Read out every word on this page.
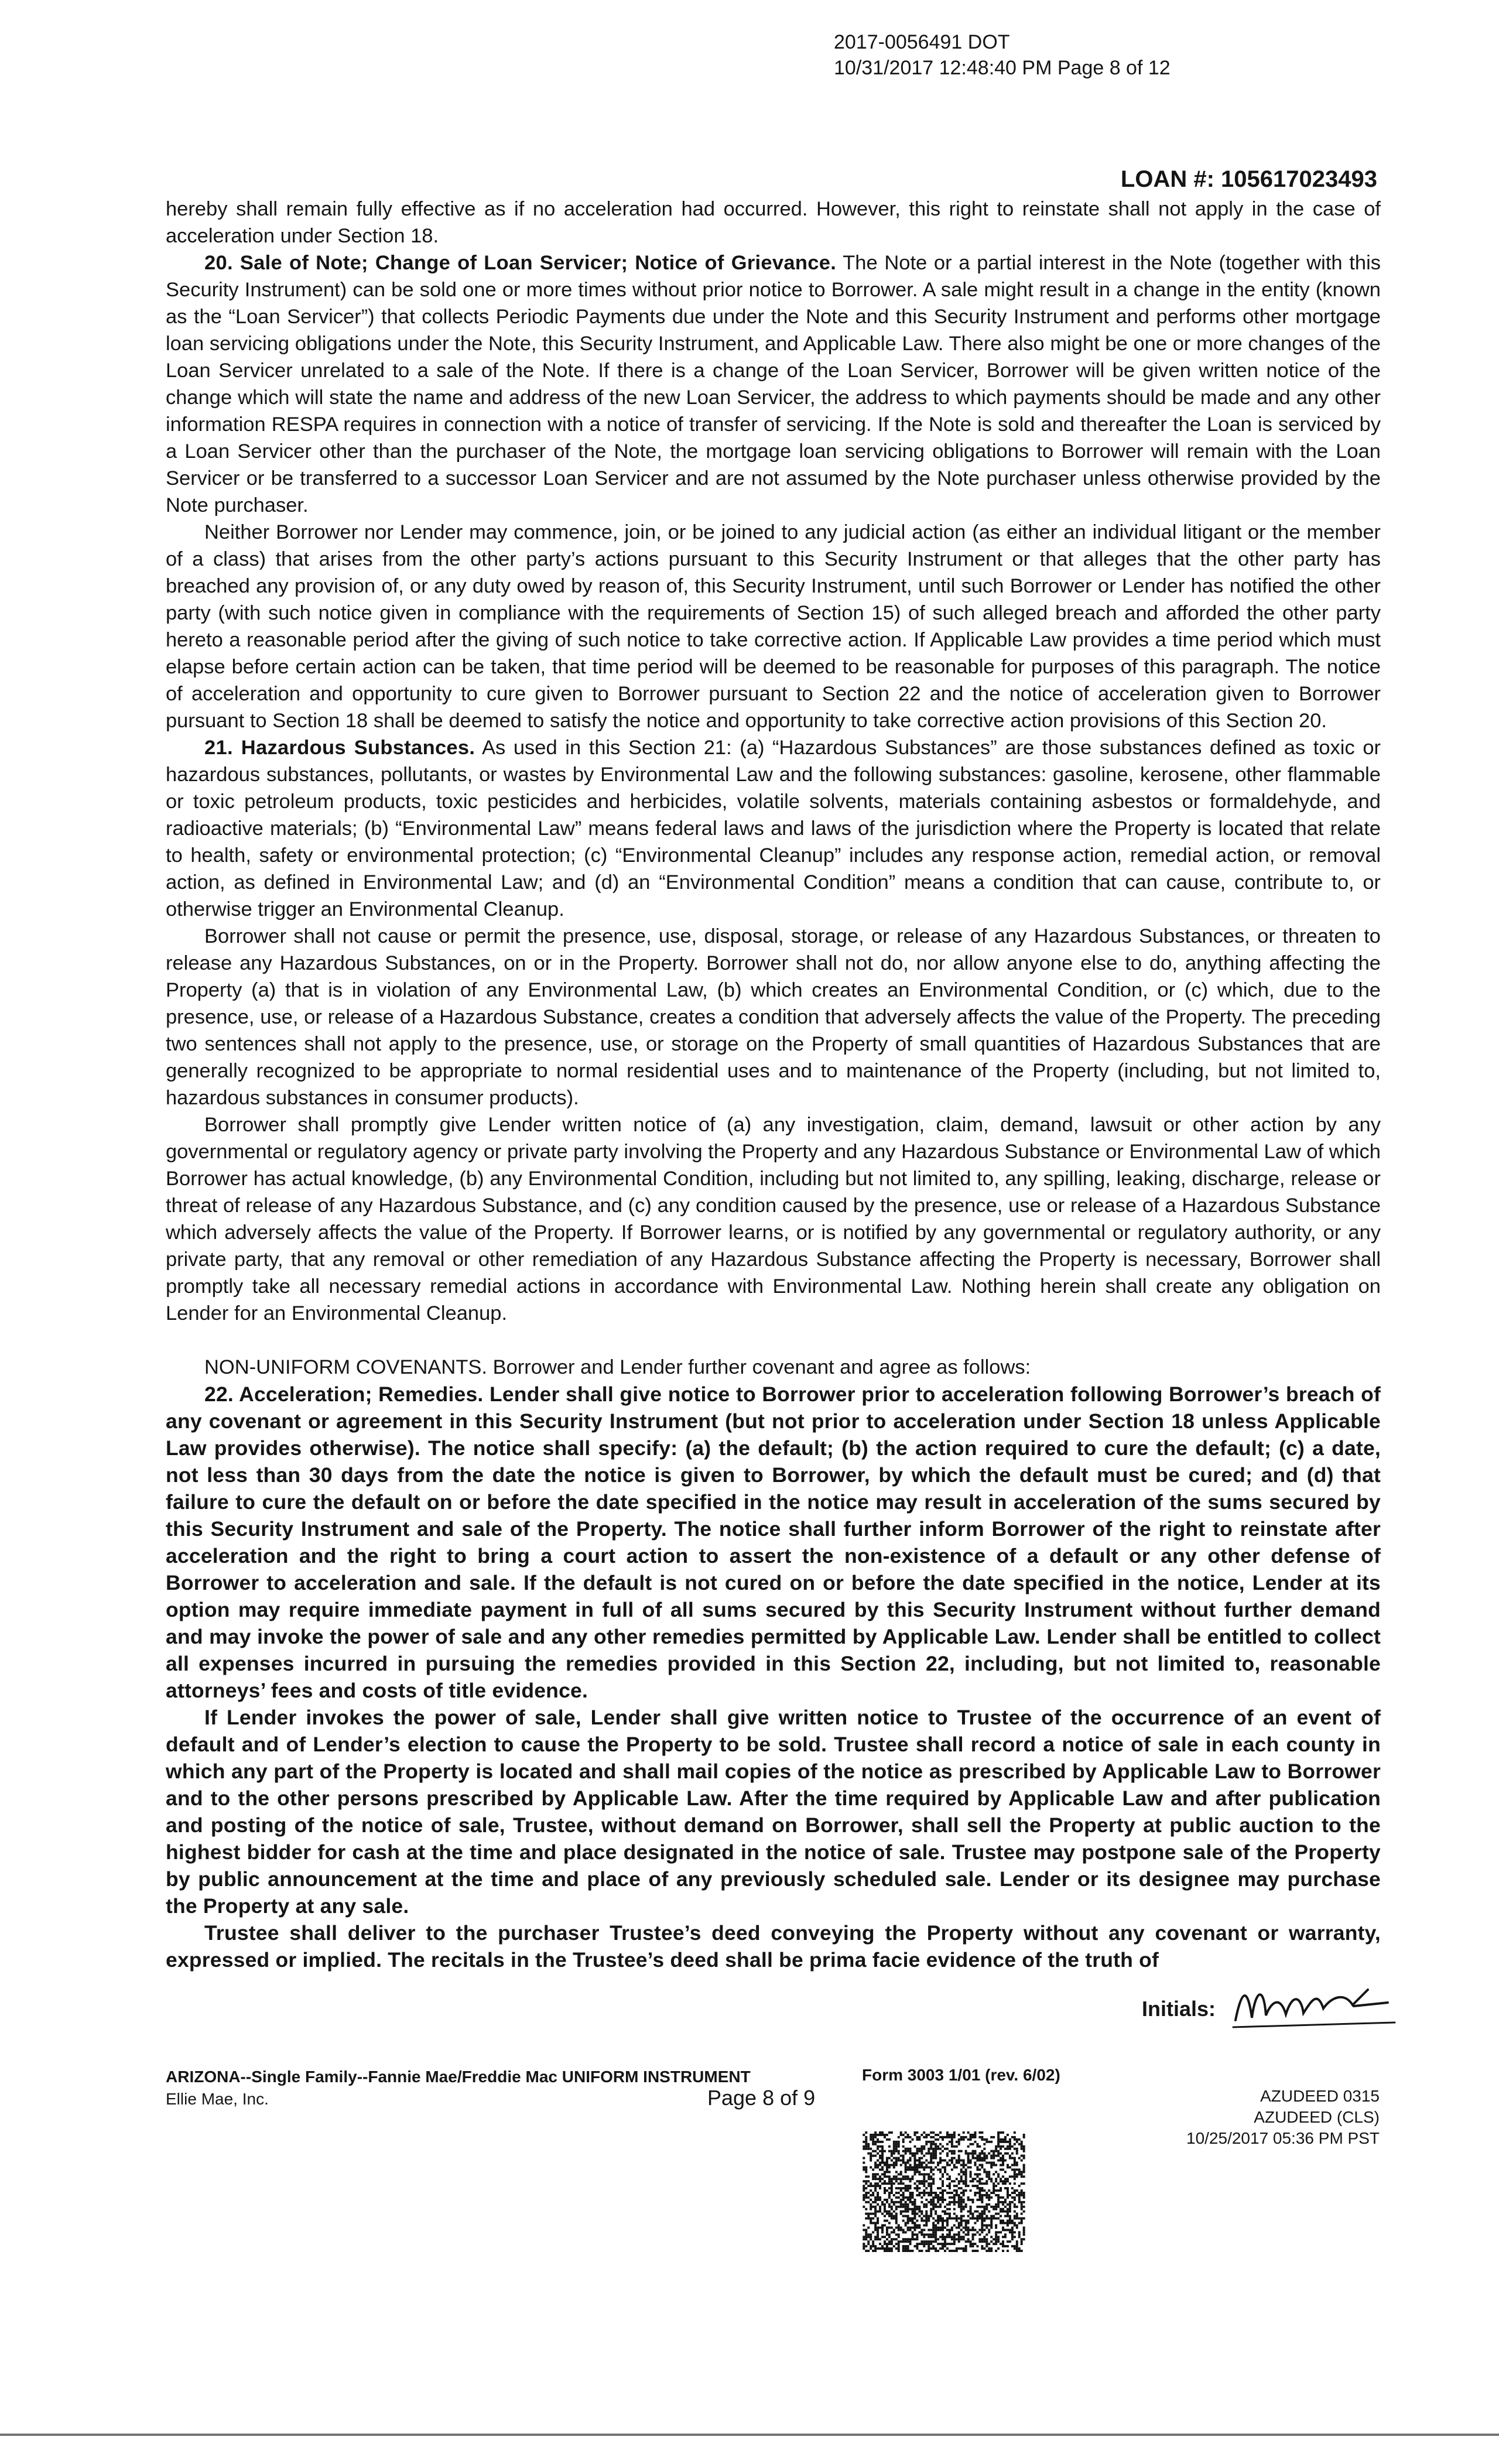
2017-0056491 DOT
10/31/2017 12:48:40 PM Page 8 of 12
LOAN #: 105617023493

hereby shall remain fully effective as if no acceleration had occurred. However, this right to reinstate shall not apply in the case of acceleration under Section 18.

20. Sale of Note; Change of Loan Servicer; Notice of Grievance. The Note or a partial interest in the Note (together with this Security Instrument) can be sold one or more times without prior notice to Borrower. A sale might result in a change in the entity (known as the “Loan Servicer”) that collects Periodic Payments due under the Note and this Security Instrument and performs other mortgage loan servicing obligations under the Note, this Security Instrument, and Applicable Law. There also might be one or more changes of the Loan Servicer unrelated to a sale of the Note. If there is a change of the Loan Servicer, Borrower will be given written notice of the change which will state the name and address of the new Loan Servicer, the address to which payments should be made and any other information RESPA requires in connection with a notice of transfer of servicing. If the Note is sold and thereafter the Loan is serviced by a Loan Servicer other than the purchaser of the Note, the mortgage loan servicing obligations to Borrower will remain with the Loan Servicer or be transferred to a successor Loan Servicer and are not assumed by the Note purchaser unless otherwise provided by the Note purchaser.

Neither Borrower nor Lender may commence, join, or be joined to any judicial action (as either an individual litigant or the member of a class) that arises from the other party’s actions pursuant to this Security Instrument or that alleges that the other party has breached any provision of, or any duty owed by reason of, this Security Instrument, until such Borrower or Lender has notified the other party (with such notice given in compliance with the requirements of Section 15) of such alleged breach and afforded the other party hereto a reasonable period after the giving of such notice to take corrective action. If Applicable Law provides a time period which must elapse before certain action can be taken, that time period will be deemed to be reasonable for purposes of this paragraph. The notice of acceleration and opportunity to cure given to Borrower pursuant to Section 22 and the notice of acceleration given to Borrower pursuant to Section 18 shall be deemed to satisfy the notice and opportunity to take corrective action provisions of this Section 20.

21. Hazardous Substances. As used in this Section 21: (a) “Hazardous Substances” are those substances defined as toxic or hazardous substances, pollutants, or wastes by Environmental Law and the following substances: gasoline, kerosene, other flammable or toxic petroleum products, toxic pesticides and herbicides, volatile solvents, materials containing asbestos or formaldehyde, and radioactive materials; (b) “Environmental Law” means federal laws and laws of the jurisdiction where the Property is located that relate to health, safety or environmental protection; (c) “Environmental Cleanup” includes any response action, remedial action, or removal action, as defined in Environmental Law; and (d) an “Environmental Condition” means a condition that can cause, contribute to, or otherwise trigger an Environmental Cleanup.

Borrower shall not cause or permit the presence, use, disposal, storage, or release of any Hazardous Substances, or threaten to release any Hazardous Substances, on or in the Property. Borrower shall not do, nor allow anyone else to do, anything affecting the Property (a) that is in violation of any Environmental Law, (b) which creates an Environmental Condition, or (c) which, due to the presence, use, or release of a Hazardous Substance, creates a condition that adversely affects the value of the Property. The preceding two sentences shall not apply to the presence, use, or storage on the Property of small quantities of Hazardous Substances that are generally recognized to be appropriate to normal residential uses and to maintenance of the Property (including, but not limited to, hazardous substances in consumer products).

Borrower shall promptly give Lender written notice of (a) any investigation, claim, demand, lawsuit or other action by any governmental or regulatory agency or private party involving the Property and any Hazardous Substance or Environmental Law of which Borrower has actual knowledge, (b) any Environmental Condition, including but not limited to, any spilling, leaking, discharge, release or threat of release of any Hazardous Substance, and (c) any condition caused by the presence, use or release of a Hazardous Substance which adversely affects the value of the Property. If Borrower learns, or is notified by any governmental or regulatory authority, or any private party, that any removal or other remediation of any Hazardous Substance affecting the Property is necessary, Borrower shall promptly take all necessary remedial actions in accordance with Environmental Law. Nothing herein shall create any obligation on Lender for an Environmental Cleanup.

NON-UNIFORM COVENANTS. Borrower and Lender further covenant and agree as follows:

22. Acceleration; Remedies. Lender shall give notice to Borrower prior to acceleration following Borrower’s breach of any covenant or agreement in this Security Instrument (but not prior to acceleration under Section 18 unless Applicable Law provides otherwise). The notice shall specify: (a) the default; (b) the action required to cure the default; (c) a date, not less than 30 days from the date the notice is given to Borrower, by which the default must be cured; and (d) that failure to cure the default on or before the date specified in the notice may result in acceleration of the sums secured by this Security Instrument and sale of the Property. The notice shall further inform Borrower of the right to reinstate after acceleration and the right to bring a court action to assert the non-existence of a default or any other defense of Borrower to acceleration and sale. If the default is not cured on or before the date specified in the notice, Lender at its option may require immediate payment in full of all sums secured by this Security Instrument without further demand and may invoke the power of sale and any other remedies permitted by Applicable Law. Lender shall be entitled to collect all expenses incurred in pursuing the remedies provided in this Section 22, including, but not limited to, reasonable attorneys’ fees and costs of title evidence.

If Lender invokes the power of sale, Lender shall give written notice to Trustee of the occurrence of an event of default and of Lender’s election to cause the Property to be sold. Trustee shall record a notice of sale in each county in which any part of the Property is located and shall mail copies of the notice as prescribed by Applicable Law to Borrower and to the other persons prescribed by Applicable Law. After the time required by Applicable Law and after publication and posting of the notice of sale, Trustee, without demand on Borrower, shall sell the Property at public auction to the highest bidder for cash at the time and place designated in the notice of sale. Trustee may postpone sale of the Property by public announcement at the time and place of any previously scheduled sale. Lender or its designee may purchase the Property at any sale.

Trustee shall deliver to the purchaser Trustee’s deed conveying the Property without any covenant or warranty, expressed or implied. The recitals in the Trustee’s deed shall be prima facie evidence of the truth of

Initials:
ARIZONA--Single Family--Fannie Mae/Freddie Mac UNIFORM INSTRUMENT
Ellie Mae, Inc.
Form 3003 1/01 (rev. 6/02)
Page 8 of 9	AZUDEED 0315
AZUDEED (CLS)
10/25/2017 05:36 PM PST
